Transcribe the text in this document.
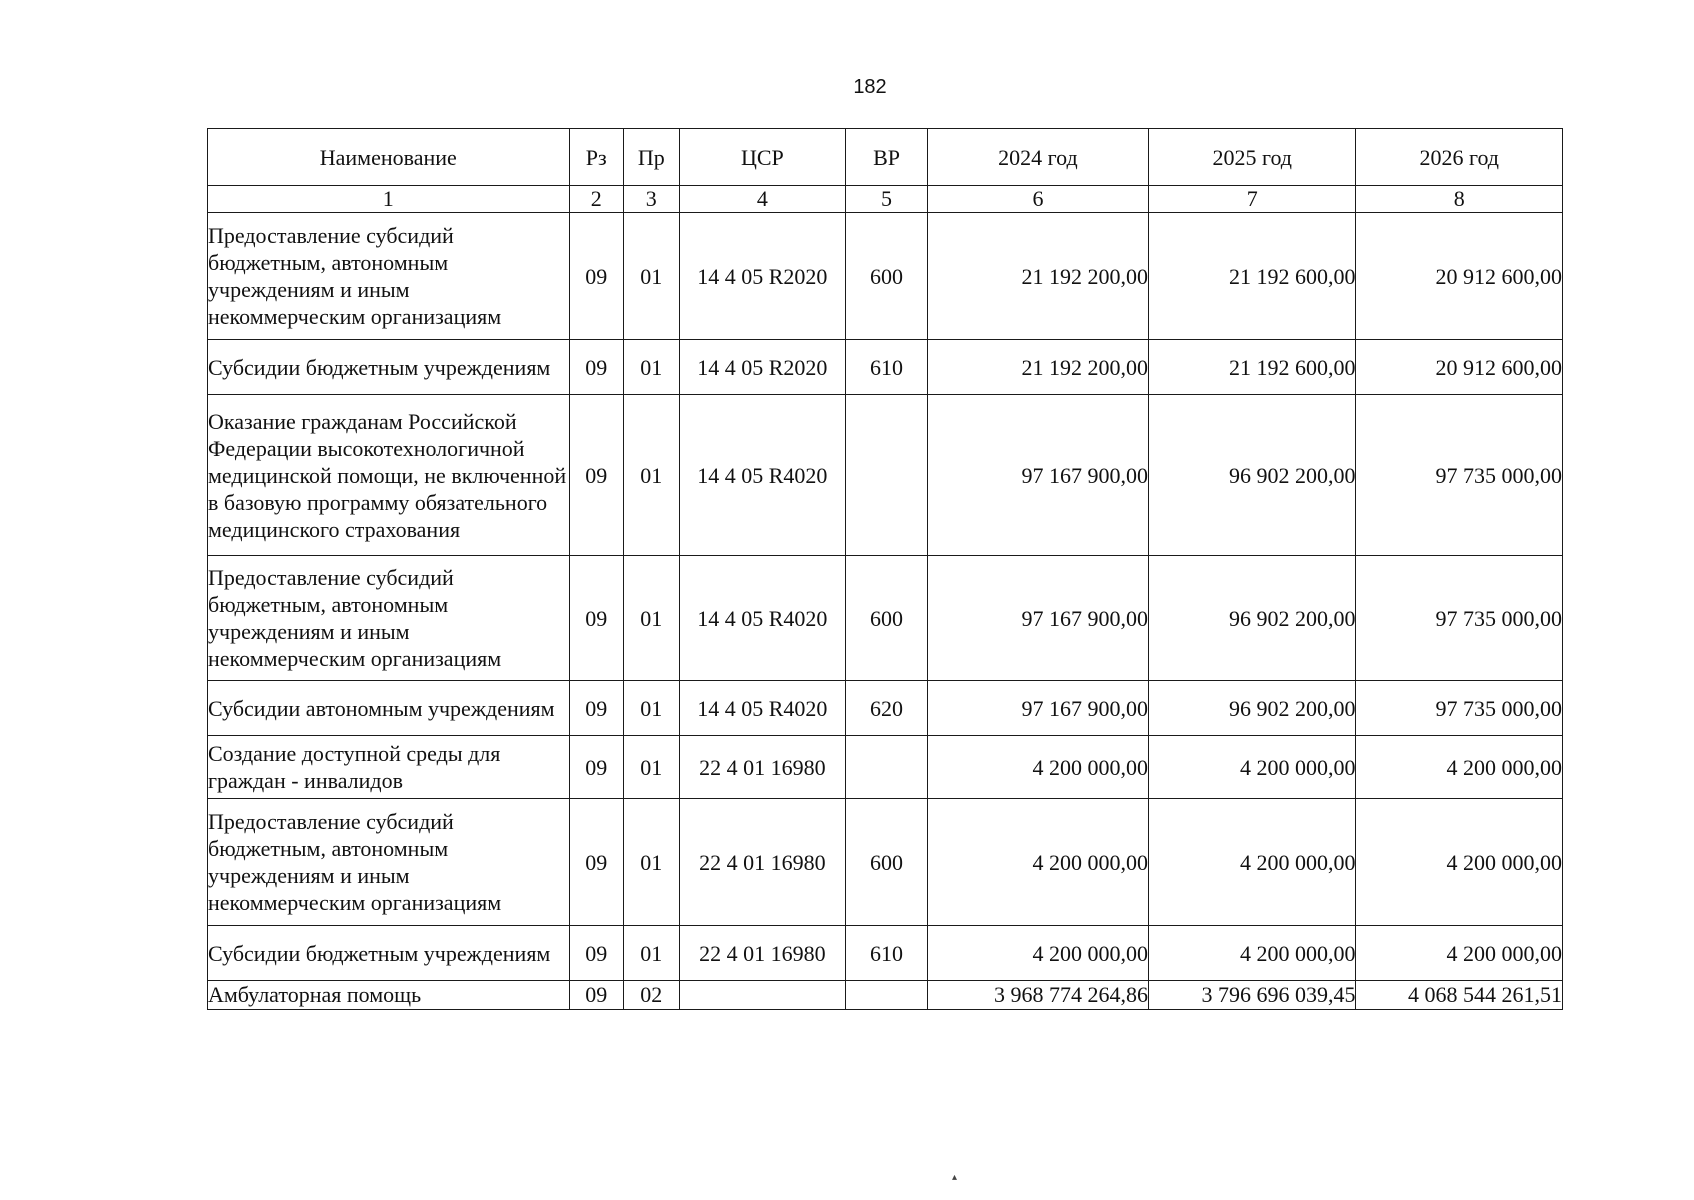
182
Наименование	Рз	Пр	ЦСР	ВР	2024 год	2025 год	2026 год
1	2	3	4	5	6	7	8
Предоставление субсидий бюджетным, автономным учреждениям и иным некоммерческим организациям	09	01	14 4 05 R2020	600	21 192 200,00	21 192 600,00	20 912 600,00
Субсидии бюджетным учреждениям	09	01	14 4 05 R2020	610	21 192 200,00	21 192 600,00	20 912 600,00
Оказание гражданам Российской Федерации высокотехнологичной медицинской помощи, не включенной в базовую программу обязательного медицинского страхования	09	01	14 4 05 R4020		97 167 900,00	96 902 200,00	97 735 000,00
Предоставление субсидий бюджетным, автономным учреждениям и иным некоммерческим организациям	09	01	14 4 05 R4020	600	97 167 900,00	96 902 200,00	97 735 000,00
Субсидии автономным учреждениям	09	01	14 4 05 R4020	620	97 167 900,00	96 902 200,00	97 735 000,00
Создание доступной среды для граждан - инвалидов	09	01	22 4 01 16980		4 200 000,00	4 200 000,00	4 200 000,00
Предоставление субсидий бюджетным, автономным учреждениям и иным некоммерческим организациям	09	01	22 4 01 16980	600	4 200 000,00	4 200 000,00	4 200 000,00
Субсидии бюджетным учреждениям	09	01	22 4 01 16980	610	4 200 000,00	4 200 000,00	4 200 000,00
Амбулаторная помощь	09	02			3 968 774 264,86	3 796 696 039,45	4 068 544 261,51
▴
